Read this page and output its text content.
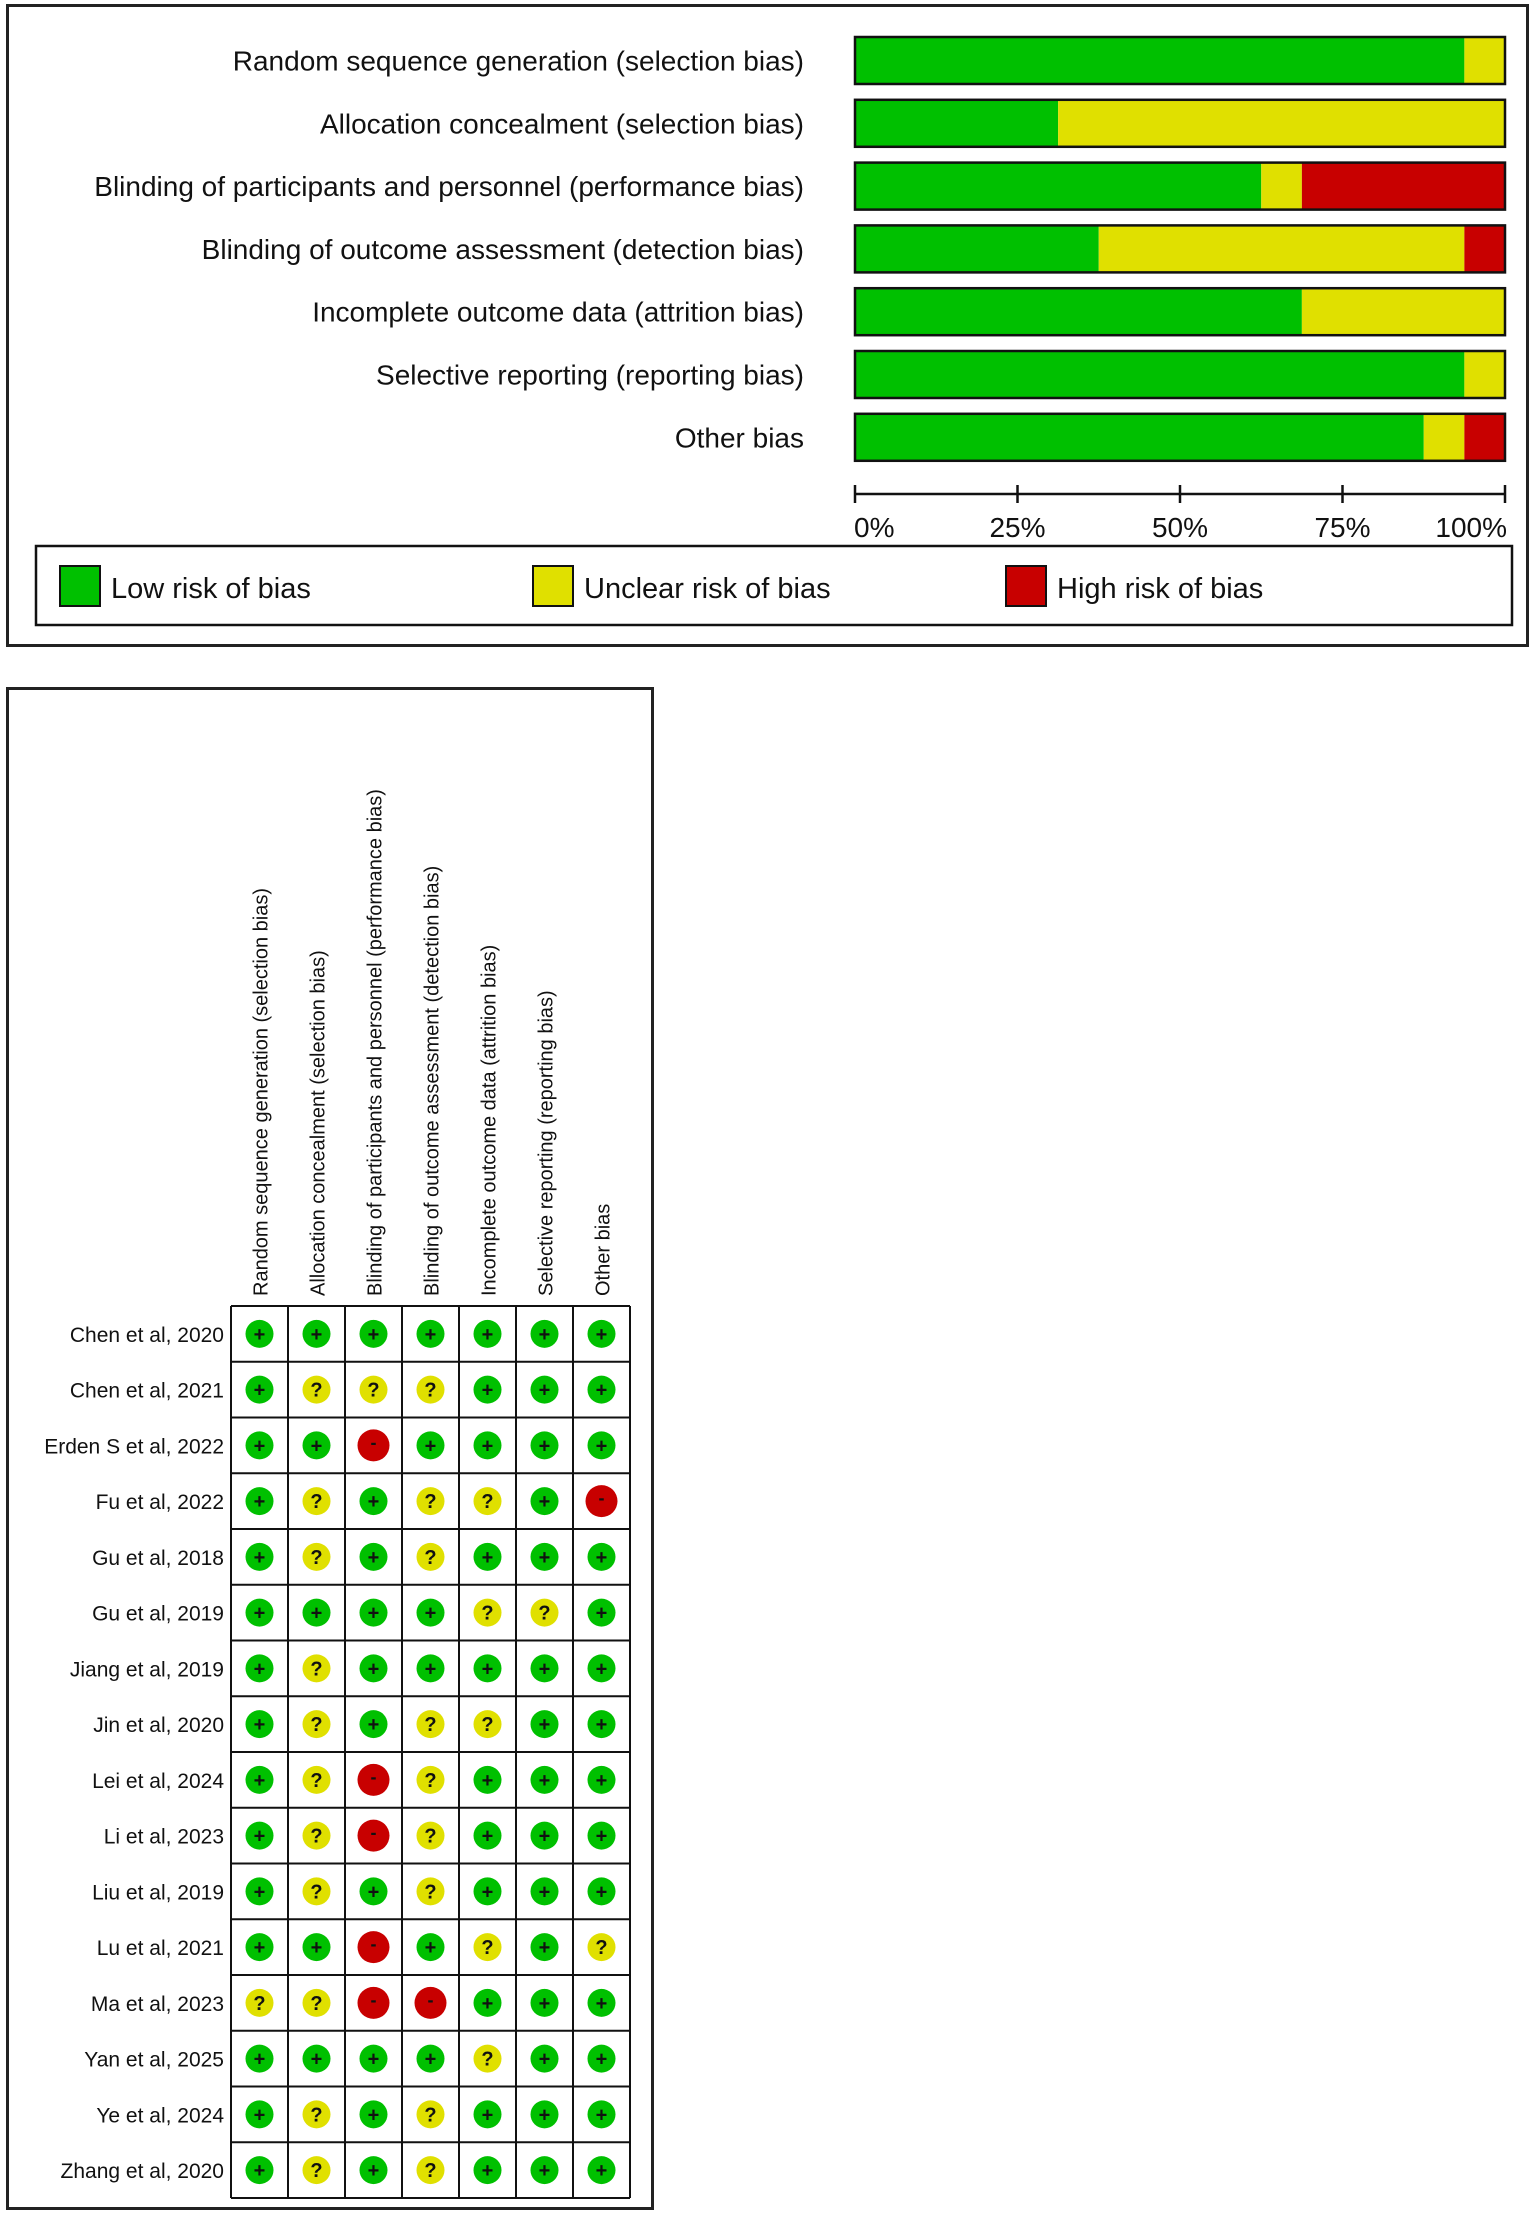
Random sequence generation (selection bias)
Allocation concealment (selection bias)
Blinding of participants and personnel (performance bias)
Blinding of outcome assessment (detection bias)
Incomplete outcome data (attrition bias)
Selective reporting (reporting bias)
Other bias
0%	25%	50%	75% 100%
Low risk of bias	Unclear risk of bias	High risk of bias
Random sequence generation (selection bias) Allocation concealment (selection bias) Blinding of participants and personnel (performance bias) Blinding of outcome assessment (detection bias) Incomplete outcome data (attrition bias) Selective reporting (reporting bias) Other bias
Chen et al, 2020 + + + + + + +
Chen et al, 2021 + ? ? ? + + +
Erden S et al, 2022 + +	- + + + +
Fu et al, 2022 + ? + ? ? +	-
Gu et al, 2018 + ? + ? + + +
Gu et al, 2019 + + + + ? ? +
Jiang et al, 2019 + ? + + + + +
Jin et al, 2020 + ? + ? ? + +
Lei et al, 2024 + ?	- ? + + +
Li et al, 2023 + ?	- ? + + +
Liu et al, 2019 + ? + ? + + +
Lu et al, 2021 + +	- + ? + ?
Ma et al, 2023 ? ?	-	- + + +
Yan et al, 2025 + + + + ? + +
Ye et al, 2024 + ? + ? + + +
Zhang et al, 2020 + ? + ? + + +
